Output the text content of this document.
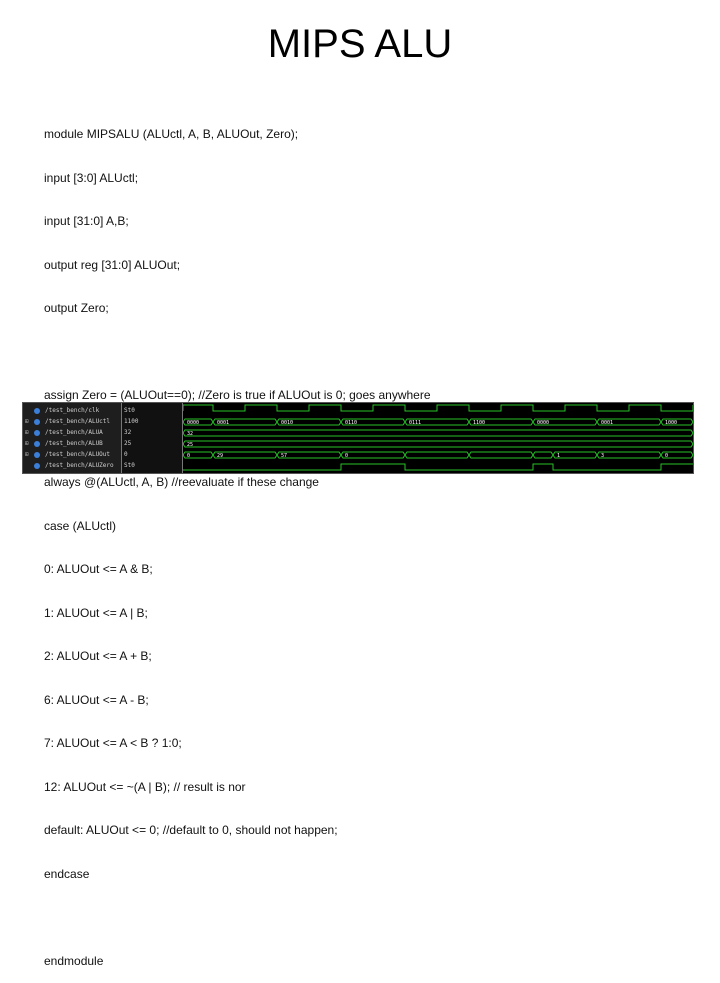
MIPS ALU

module MIPSALU (ALUctl, A, B, ALUOut, Zero);

input [3:0] ALUctl;

input [31:0] A,B;

output reg [31:0] ALUOut;

output Zero;

assign Zero = (ALUOut==0); //Zero is true if ALUOut is 0; goes anywhere

always @(ALUctl, A, B) //reevaluate if these change

case (ALUctl)

0: ALUOut <= A & B;

1: ALUOut <= A | B;

2: ALUOut <= A + B;

6: ALUOut <= A - B;

7: ALUOut <= A < B ? 1:0;

12: ALUOut <= ~(A | B); // result is nor

default: ALUOut <= 0; //default to 0, should not happen;

endcase

endmodule

/test_bench/clk
⊞	/test_bench/ALUctl
⊞	/test_bench/ALUA
⊞	/test_bench/ALUB
⊞	/test_bench/ALUOut
/test_bench/ALUZero
St0
1100
32
25
0
St0
0000	0001	0010	0110	0111	1100	0000	0001	1000
32
25
0	29	57	0	1	3	0
